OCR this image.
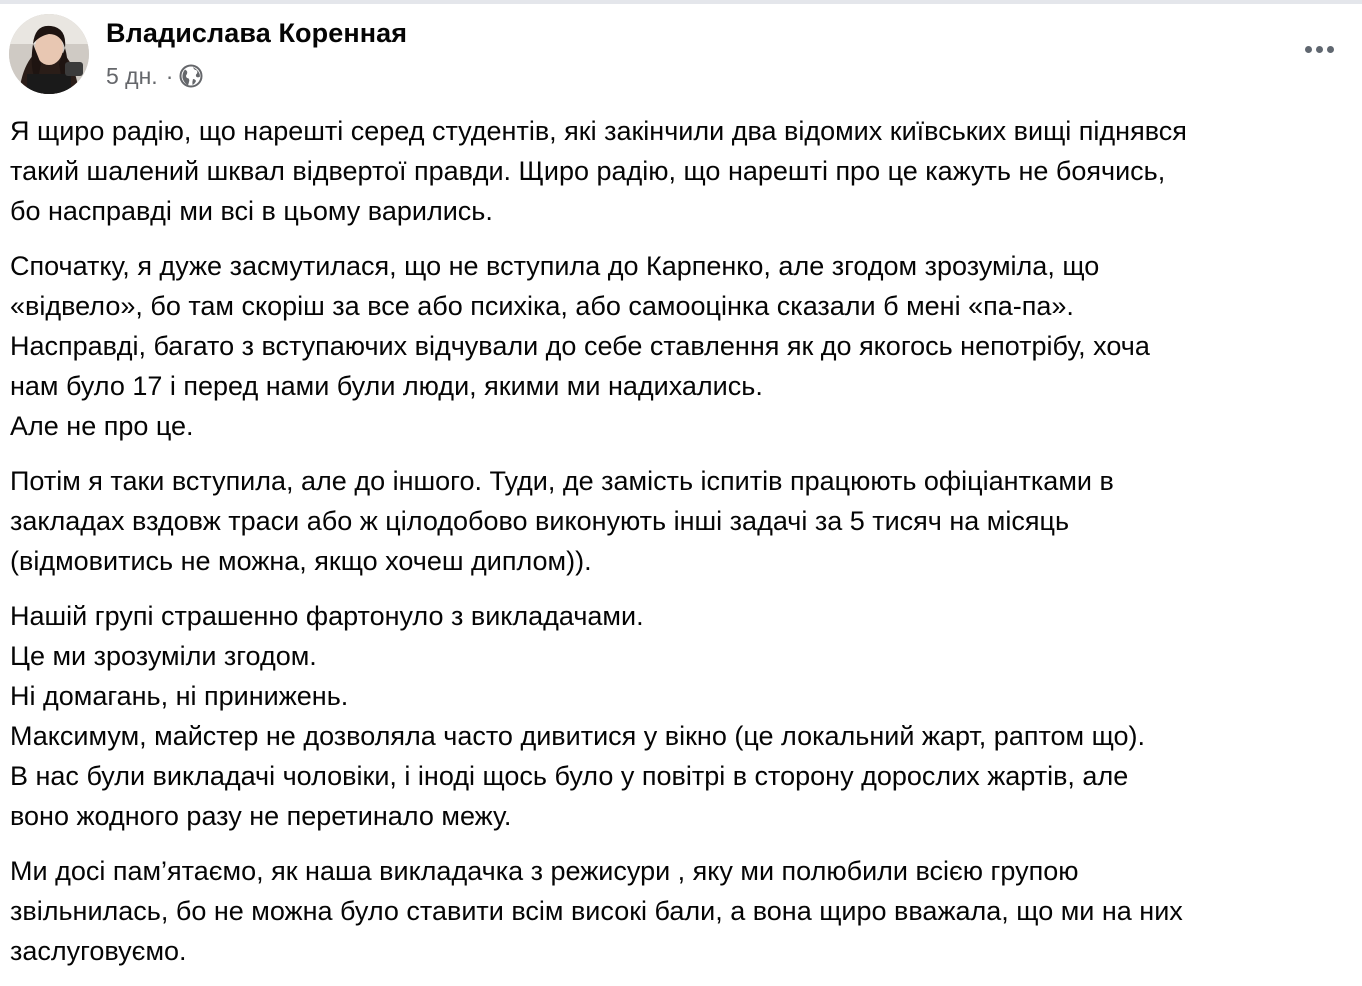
Владислава Коренная
5 дн. ·

Я щиро радію, що нарешті серед студентів, які закінчили два відомих київських вищі піднявся
такий шалений шквал відвертої правди. Щиро радію, що нарешті про це кажуть не боячись,
бо насправді ми всі в цьому варились.

Спочатку, я дуже засмутилася, що не вступила до Карпенко, але згодом зрозуміла, що
«відвело», бо там скоріш за все або психіка, або самооцінка сказали б мені «па-па».
Насправді, багато з вступаючих відчували до себе ставлення як до якогось непотрібу, хоча
нам було 17 і перед нами були люди, якими ми надихались.
Але не про це.

Потім я таки вступила, але до іншого. Туди, де замість іспитів працюють офіціантками в
закладах вздовж траси або ж цілодобово виконують інші задачі за 5 тисяч на місяць
(відмовитись не можна, якщо хочеш диплом)).

Нашій групі страшенно фартонуло з викладачами.
Це ми зрозуміли згодом.
Ні домагань, ні принижень.
Максимум, майстер не дозволяла часто дивитися у вікно (це локальний жарт, раптом що).
В нас були викладачі чоловіки, і іноді щось було у повітрі в сторону дорослих жартів, але
воно жодного разу не перетинало межу.

Ми досі пам’ятаємо, як наша викладачка з режисури , яку ми полюбили всією групою
звільнилась, бо не можна було ставити всім високі бали, а вона щиро вважала, що ми на них
заслуговуємо.
